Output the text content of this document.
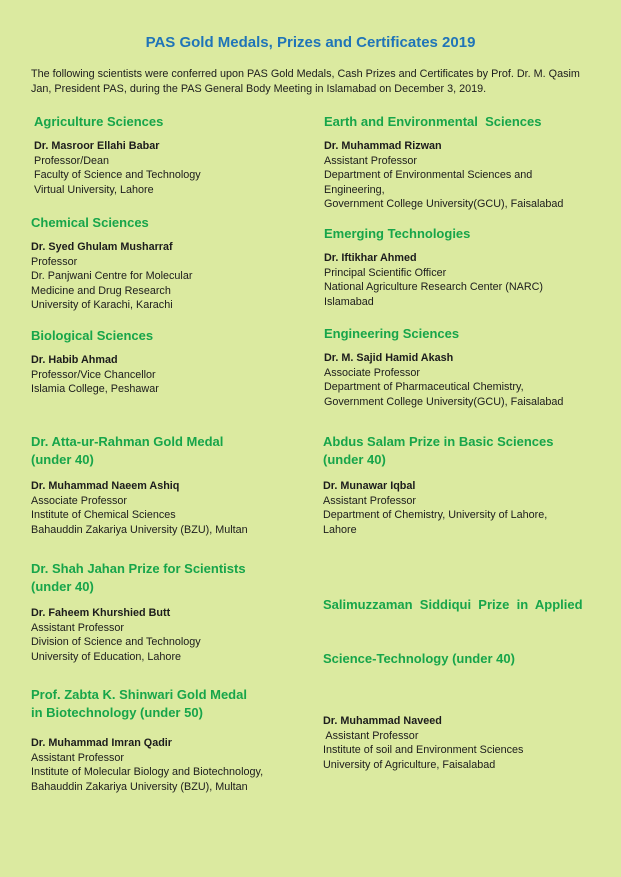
PAS Gold Medals, Prizes and Certificates 2019
The following scientists were conferred upon PAS Gold Medals, Cash Prizes and Certificates by Prof. Dr. M. Qasim Jan, President PAS, during the PAS General Body Meeting in Islamabad on December 3, 2019.
Agriculture Sciences
Dr. Masroor Ellahi Babar
Professor/Dean
Faculty of Science and Technology
Virtual University, Lahore
Chemical Sciences
Dr. Syed Ghulam Musharraf
Professor
Dr. Panjwani Centre for Molecular
Medicine and Drug Research
University of Karachi, Karachi
Biological Sciences
Dr. Habib Ahmad
Professor/Vice Chancellor
Islamia College, Peshawar
Dr. Atta-ur-Rahman Gold Medal
(under 40)
Dr. Muhammad Naeem Ashiq
Associate Professor
Institute of Chemical Sciences
Bahauddin Zakariya University (BZU), Multan
Dr. Shah Jahan Prize for Scientists
(under 40)
Dr. Faheem Khurshied Butt
Assistant Professor
Division of Science and Technology
University of Education, Lahore
Prof. Zabta K. Shinwari Gold Medal
in Biotechnology (under 50)
Dr. Muhammad Imran Qadir
Assistant Professor
Institute of Molecular Biology and Biotechnology,
Bahauddin Zakariya University (BZU), Multan
Earth and Environmental  Sciences
Dr. Muhammad Rizwan
Assistant Professor
Department of Environmental Sciences and
Engineering,
Government College University(GCU), Faisalabad
Emerging Technologies
Dr. Iftikhar Ahmed
Principal Scientific Officer
National Agriculture Research Center (NARC)
Islamabad
Engineering Sciences
Dr. M. Sajid Hamid Akash
Associate Professor
Department of Pharmaceutical Chemistry,
Government College University(GCU), Faisalabad
Abdus Salam Prize in Basic Sciences
(under 40)
Dr. Munawar Iqbal
Assistant Professor
Department of Chemistry, University of Lahore,
Lahore

Salimuzzaman  Siddiqui  Prize  in  Applied

Science-Technology (under 40)

Dr. Muhammad Naveed
Assistant Professor
Institute of soil and Environment Sciences
University of Agriculture, Faisalabad
